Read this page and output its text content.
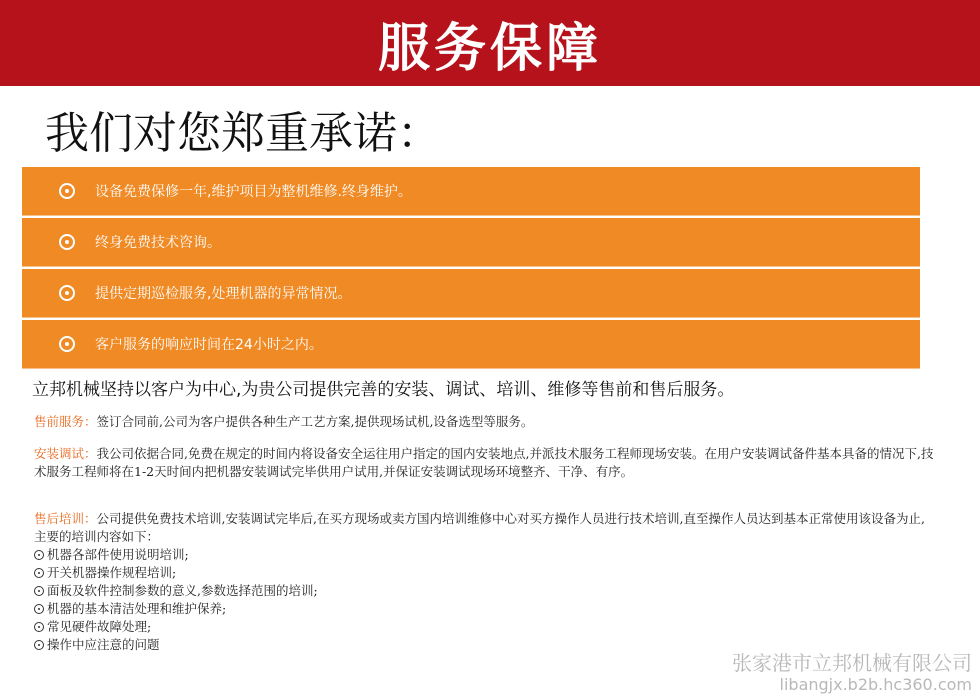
服务保障
我们对您郑重承诺：
设备免费保修一年,维护项目为整机维修.终身维护。
终身免费技术咨询。
提供定期巡检服务,处理机器的异常情况。
客户服务的响应时间在24小时之内。
立邦机械坚持以客户为中心,为贵公司提供完善的安装、调试、培训、维修等售前和售后服务。
售前服务：签订合同前,公司为客户提供各种生产工艺方案,提供现场试机,设备选型等服务。
安装调试：我公司依据合同,免费在规定的时间内将设备安全运往用户指定的国内安装地点,并派技术服务工程师现场安装。在用户安装调试备件基本具备的情况下,技术服务工程师将在1-2天时间内把机器安装调试完毕供用户试用,并保证安装调试现场环境整齐、干净、有序。
售后培训：公司提供免费技术培训,安装调试完毕后,在买方现场或卖方国内培训维修中心对买方操作人员进行技术培训,直至操作人员达到基本正常使用该设备为止,主要的培训内容如下：
机器各部件使用说明培训;
开关机器操作规程培训;
面板及软件控制参数的意义,参数选择范围的培训;
机器的基本清洁处理和维护保养;
常见硬件故障处理;
操作中应注意的问题
张家港市立邦机械有限公司
libangjx.b2b.hc360.com
